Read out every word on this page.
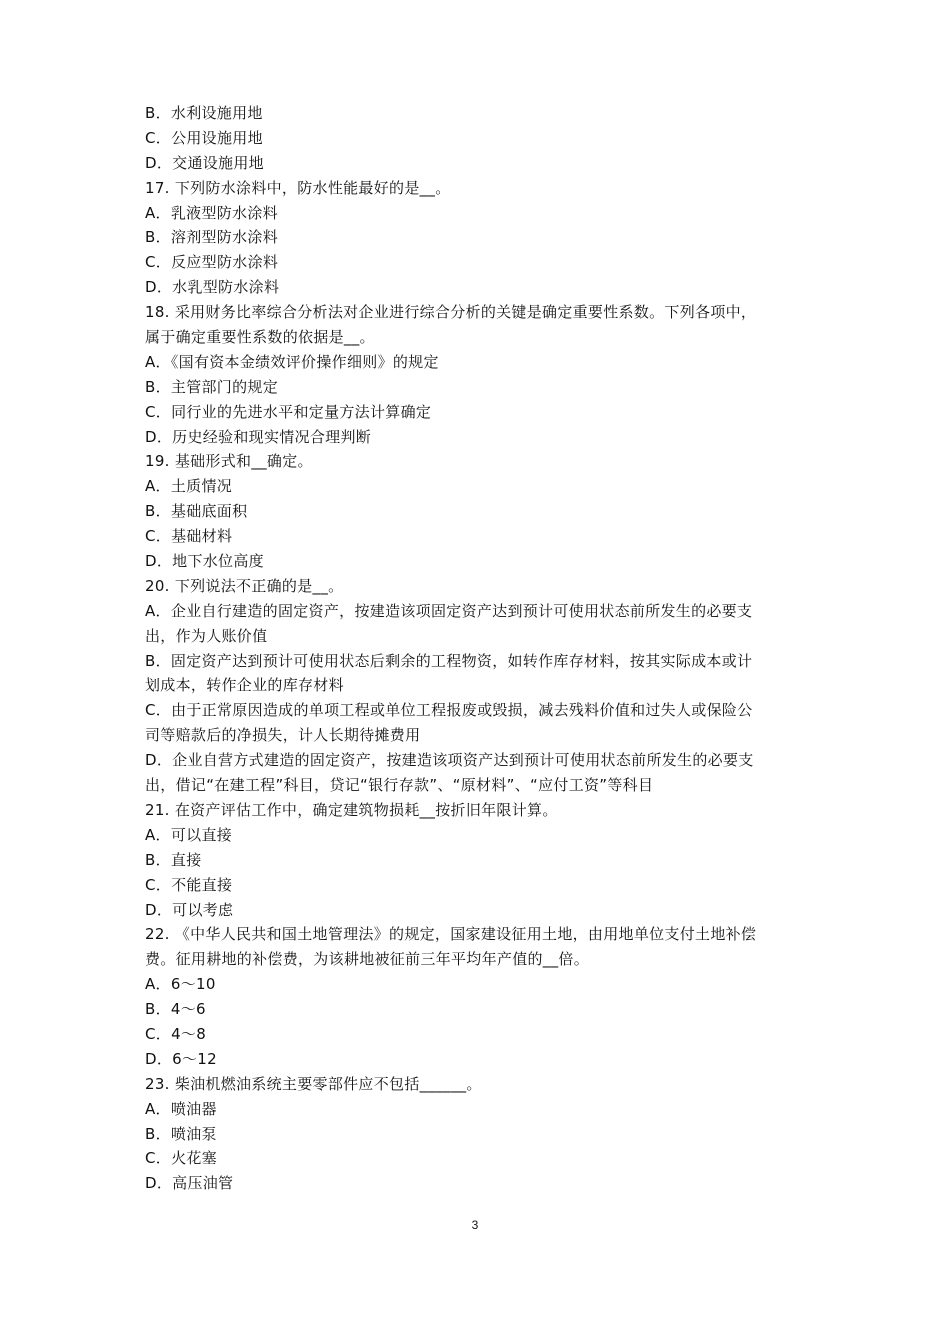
B．水利设施用地
C．公用设施用地
D．交通设施用地
17. 下列防水涂料中，防水性能最好的是__。
A．乳液型防水涂料
B．溶剂型防水涂料
C．反应型防水涂料
D．水乳型防水涂料
18. 采用财务比率综合分析法对企业进行综合分析的关键是确定重要性系数。下列各项中，
属于确定重要性系数的依据是__。
A．《国有资本金绩效评价操作细则》的规定
B．主管部门的规定
C．同行业的先进水平和定量方法计算确定
D．历史经验和现实情况合理判断
19. 基础形式和__确定。
A．土质情况
B．基础底面积
C．基础材料
D．地下水位高度
20. 下列说法不正确的是__。
A．企业自行建造的固定资产，按建造该项固定资产达到预计可使用状态前所发生的必要支
出，作为人账价值
B．固定资产达到预计可使用状态后剩余的工程物资，如转作库存材料，按其实际成本或计
划成本，转作企业的库存材料
C．由于正常原因造成的单项工程或单位工程报废或毁损，减去残料价值和过失人或保险公
司等赔款后的净损失，计人长期待摊费用
D．企业自营方式建造的固定资产，按建造该项资产达到预计可使用状态前所发生的必要支
出，借记“在建工程”科目，贷记“银行存款”、“原材料”、“应付工资”等科目
21. 在资产评估工作中，确定建筑物损耗__按折旧年限计算。
A．可以直接
B．直接
C．不能直接
D．可以考虑
22. 《中华人民共和国土地管理法》的规定，国家建设征用土地，由用地单位支付土地补偿
费。征用耕地的补偿费，为该耕地被征前三年平均年产值的__倍。
A．6～10
B．4～6
C．4～8
D．6～12
23. 柴油机燃油系统主要零部件应不包括______。
A．喷油器
B．喷油泵
C．火花塞
D．高压油管
3
